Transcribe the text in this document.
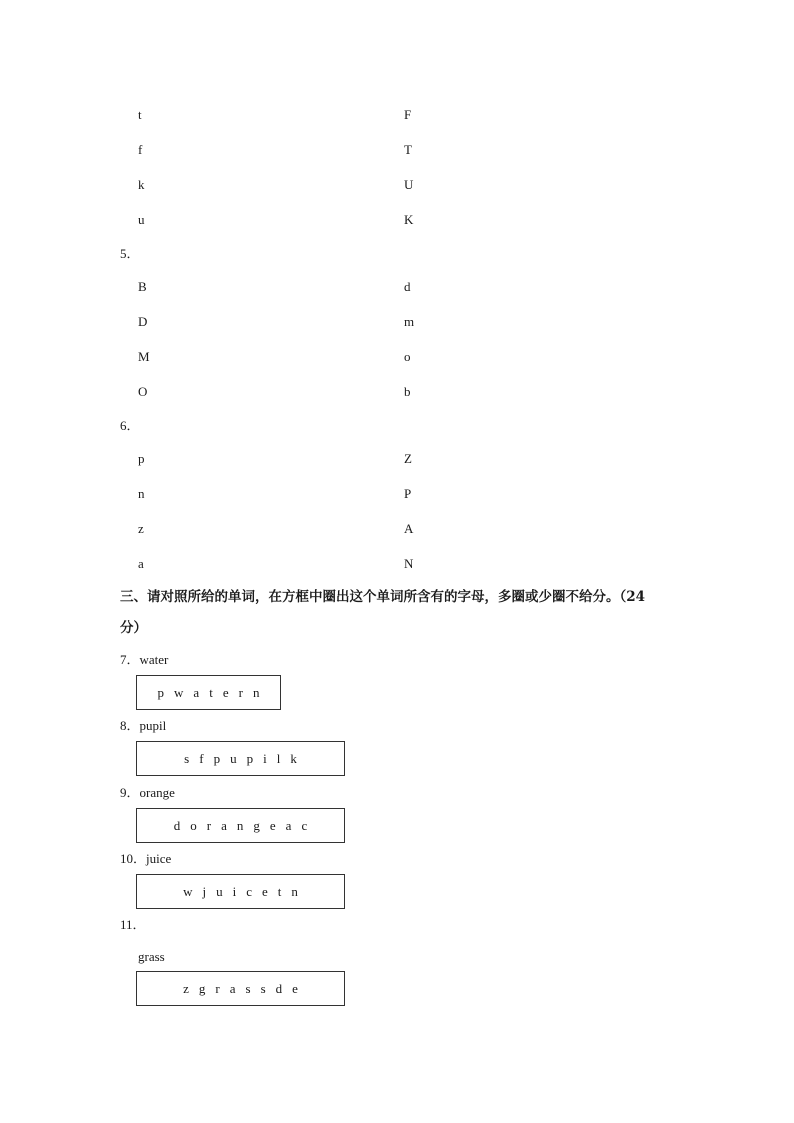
t	F
f	T
k	U
u	K
5．
B	d
D	m
M	o
O	b
6．
p	Z
n	P
z	A
a	N
三、请对照所给的单词，在方框中圈出这个单词所含有的字母，多圈或少圈不给分。（24
分）
7．water
p w a t e r n
8．pupil
s f p u p i l k
9．orange
d o r a n g e a c
10．juice
w j u i c e t n
11．
grass
z g r a s s d e
